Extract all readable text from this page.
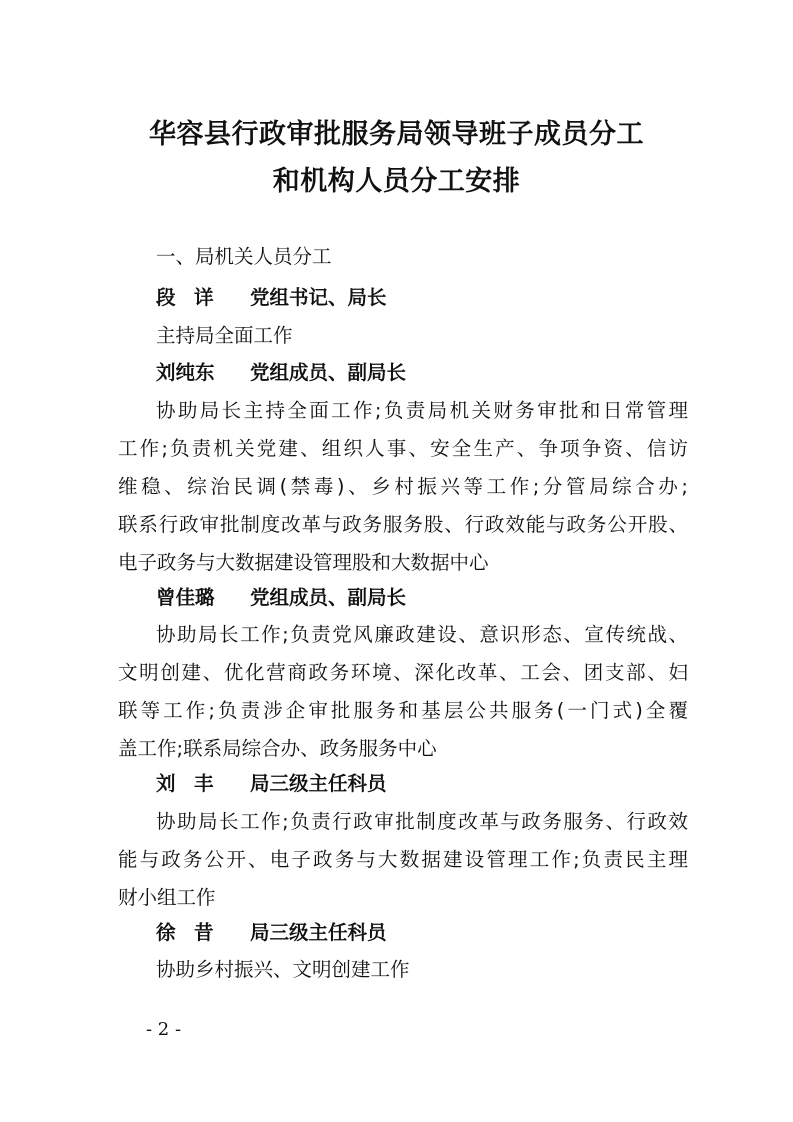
华容县行政审批服务局领导班子成员分工
和机构人员分工安排
一、局机关人员分工
段 详 党组书记、局长
主持局全面工作
刘纯东 党组成员、副局长
协助局长主持全面工作;负责局机关财务审批和日常管理
工作;负责机关党建、组织人事、安全生产、争项争资、信访
维稳、综治民调(禁毒)、乡村振兴等工作;分管局综合办;
联系行政审批制度改革与政务服务股、行政效能与政务公开股、
电子政务与大数据建设管理股和大数据中心
曾佳璐 党组成员、副局长
协助局长工作;负责党风廉政建设、意识形态、宣传统战、
文明创建、优化营商政务环境、深化改革、工会、团支部、妇
联等工作;负责涉企审批服务和基层公共服务(一门式)全覆
盖工作;联系局综合办、政务服务中心
刘 丰 局三级主任科员
协助局长工作;负责行政审批制度改革与政务服务、行政效
能与政务公开、电子政务与大数据建设管理工作;负责民主理
财小组工作
徐 昔 局三级主任科员
协助乡村振兴、文明创建工作
- 2 -
